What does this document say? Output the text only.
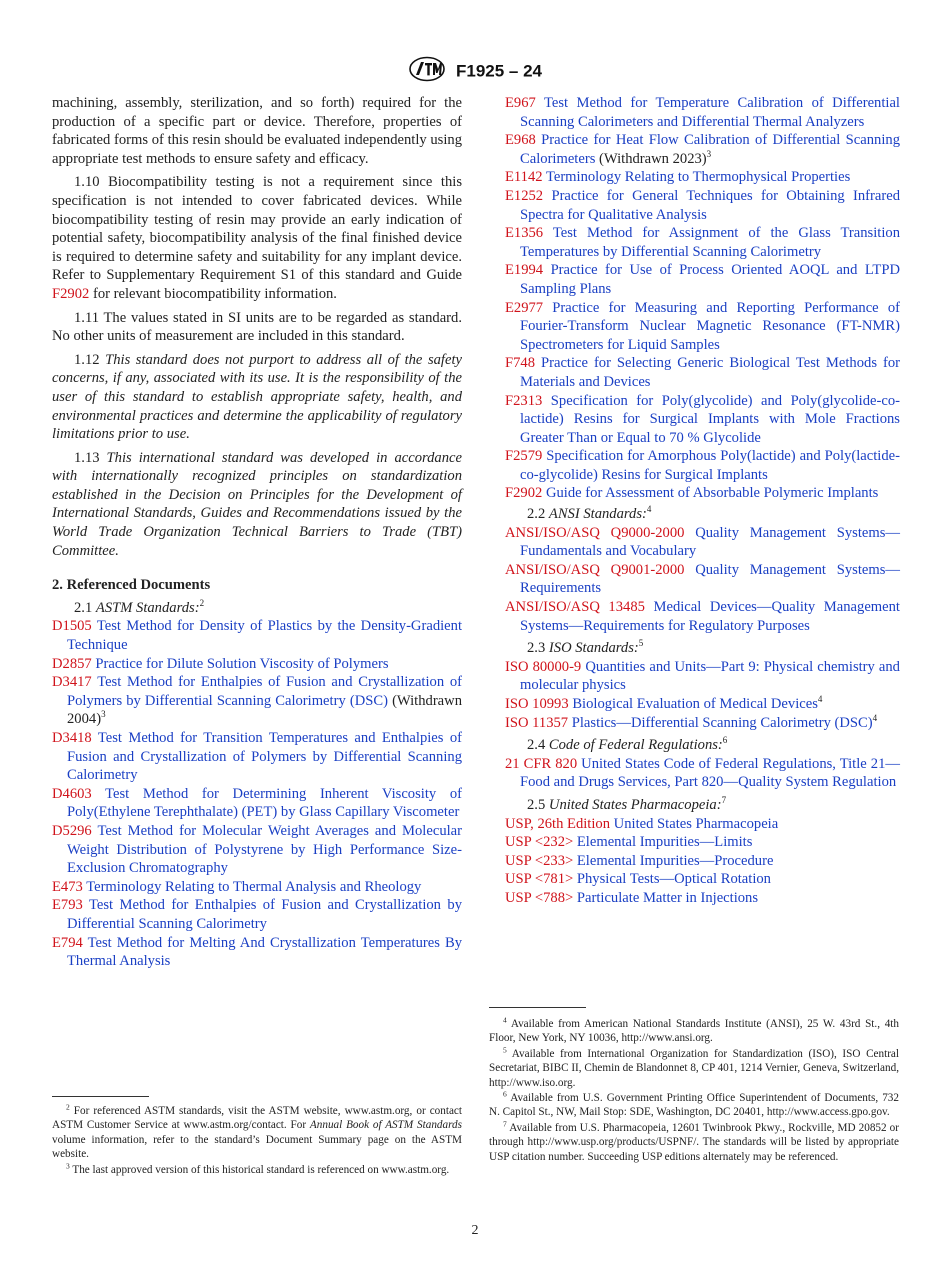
F1925 – 24

machining, assembly, sterilization, and so forth) required for the production of a specific part or device. Therefore, properties of fabricated forms of this resin should be evaluated independently using appropriate test methods to ensure safety and efficacy.

1.10 Biocompatibility testing is not a requirement since this specification is not intended to cover fabricated devices. While biocompatibility testing of resin may provide an early indication of potential safety, biocompatibility analysis of the final finished device is required to determine safety and suitability for any implant device. Refer to Supplementary Requirement S1 of this standard and Guide F2902 for relevant biocompatibility information.

1.11 The values stated in SI units are to be regarded as standard. No other units of measurement are included in this standard.

1.12 This standard does not purport to address all of the safety concerns, if any, associated with its use. It is the responsibility of the user of this standard to establish appropriate safety, health, and environmental practices and determine the applicability of regulatory limitations prior to use.

1.13 This international standard was developed in accordance with internationally recognized principles on standardization established in the Decision on Principles for the Development of International Standards, Guides and Recommendations issued by the World Trade Organization Technical Barriers to Trade (TBT) Committee.

2. Referenced Documents

2.1 ASTM Standards:$^2$

D1505 Test Method for Density of Plastics by the Density-Gradient Technique

D2857 Practice for Dilute Solution Viscosity of Polymers

D3417 Test Method for Enthalpies of Fusion and Crystallization of Polymers by Differential Scanning Calorimetry (DSC) (Withdrawn 2004)$^3$

D3418 Test Method for Transition Temperatures and Enthalpies of Fusion and Crystallization of Polymers by Differential Scanning Calorimetry

D4603 Test Method for Determining Inherent Viscosity of Poly(Ethylene Terephthalate) (PET) by Glass Capillary Viscometer

D5296 Test Method for Molecular Weight Averages and Molecular Weight Distribution of Polystyrene by High Performance Size-Exclusion Chromatography

E473 Terminology Relating to Thermal Analysis and Rheology

E793 Test Method for Enthalpies of Fusion and Crystallization by Differential Scanning Calorimetry

E794 Test Method for Melting And Crystallization Temperatures By Thermal Analysis

E967 Test Method for Temperature Calibration of Differential Scanning Calorimeters and Differential Thermal Analyzers

E968 Practice for Heat Flow Calibration of Differential Scanning Calorimeters (Withdrawn 2023)$^3$

E1142 Terminology Relating to Thermophysical Properties

E1252 Practice for General Techniques for Obtaining Infrared Spectra for Qualitative Analysis

E1356 Test Method for Assignment of the Glass Transition Temperatures by Differential Scanning Calorimetry

E1994 Practice for Use of Process Oriented AOQL and LTPD Sampling Plans

E2977 Practice for Measuring and Reporting Performance of Fourier-Transform Nuclear Magnetic Resonance (FT-NMR) Spectrometers for Liquid Samples

F748 Practice for Selecting Generic Biological Test Methods for Materials and Devices

F2313 Specification for Poly(glycolide) and Poly(glycolide-co-lactide) Resins for Surgical Implants with Mole Fractions Greater Than or Equal to 70 % Glycolide

F2579 Specification for Amorphous Poly(lactide) and Poly(lactide-co-glycolide) Resins for Surgical Implants

F2902 Guide for Assessment of Absorbable Polymeric Implants

2.2 ANSI Standards:$^4$

ANSI/ISO/ASQ Q9000-2000 Quality Management Systems—Fundamentals and Vocabulary

ANSI/ISO/ASQ Q9001-2000 Quality Management Systems—Requirements

ANSI/ISO/ASQ 13485 Medical Devices—Quality Management Systems—Requirements for Regulatory Purposes

2.3 ISO Standards:$^5$

ISO 80000-9 Quantities and Units—Part 9: Physical chemistry and molecular physics

ISO 10993 Biological Evaluation of Medical Devices$^4$

ISO 11357 Plastics—Differential Scanning Calorimetry (DSC)$^4$

2.4 Code of Federal Regulations:$^6$

21 CFR 820 United States Code of Federal Regulations, Title 21—Food and Drugs Services, Part 820—Quality System Regulation

2.5 United States Pharmacopeia:$^7$

USP, 26th Edition United States Pharmacopeia

USP <232> Elemental Impurities—Limits

USP <233> Elemental Impurities—Procedure

USP <781> Physical Tests—Optical Rotation

USP <788> Particulate Matter in Injections

$^2$ For referenced ASTM standards, visit the ASTM website, www.astm.org, or contact ASTM Customer Service at www.astm.org/contact. For Annual Book of ASTM Standards volume information, refer to the standard’s Document Summary page on the ASTM website.

$^3$ The last approved version of this historical standard is referenced on www.astm.org.

$^4$ Available from American National Standards Institute (ANSI), 25 W. 43rd St., 4th Floor, New York, NY 10036, http://www.ansi.org.

$^5$ Available from International Organization for Standardization (ISO), ISO Central Secretariat, BIBC II, Chemin de Blandonnet 8, CP 401, 1214 Vernier, Geneva, Switzerland, http://www.iso.org.

$^6$ Available from U.S. Government Printing Office Superintendent of Documents, 732 N. Capitol St., NW, Mail Stop: SDE, Washington, DC 20401, http://www.access.gpo.gov.

$^7$ Available from U.S. Pharmacopeia, 12601 Twinbrook Pkwy., Rockville, MD 20852 or through http://www.usp.org/products/USPNF/. The standards will be listed by appropriate USP citation number. Succeeding USP editions alternately may be referenced.

2
